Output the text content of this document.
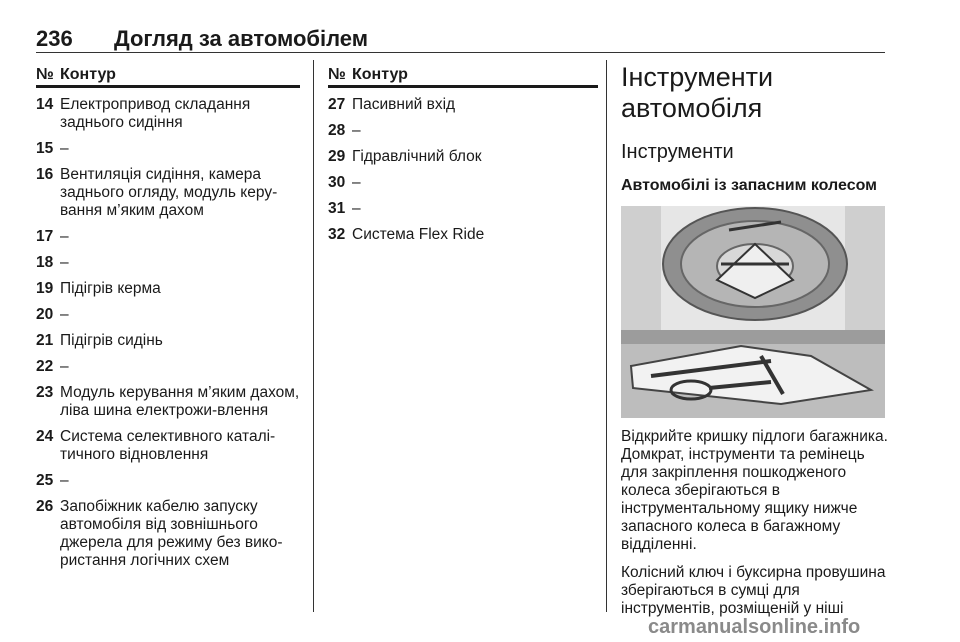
236 Догляд за автомобілем
№ Контур
14 Електропривод складання заднього сидіння
15 –
16 Вентиляція сидіння, камера заднього огляду, модуль керу-вання м’яким дахом
17 –
18 –
19 Підігрів керма
20 –
21 Підігрів сидінь
22 –
23 Модуль керування м’яким дахом, ліва шина електрожи-влення
24 Система селективного каталі-тичного відновлення
25 –
26 Запобіжник кабелю запуску автомобіля від зовнішнього джерела для режиму без вико-ристання логічних схем
№ Контур
27 Пасивний вхід
28 –
29 Гідравлічний блок
30 –
31 –
32 Система Flex Ride
Інструменти автомобіля
Інструменти
Автомобілі із запасним колесом
Відкрийте кришку підлоги багажника. Домкрат, інструменти та ремінець для закріплення пошкодженого колеса зберігаються в інструментальному ящику нижче запасного колеса в багажному відділенні.
Колісний ключ і буксирна провушина зберігаються в сумці для інструментів, розміщеній у ніші
carmanualsonline.info
